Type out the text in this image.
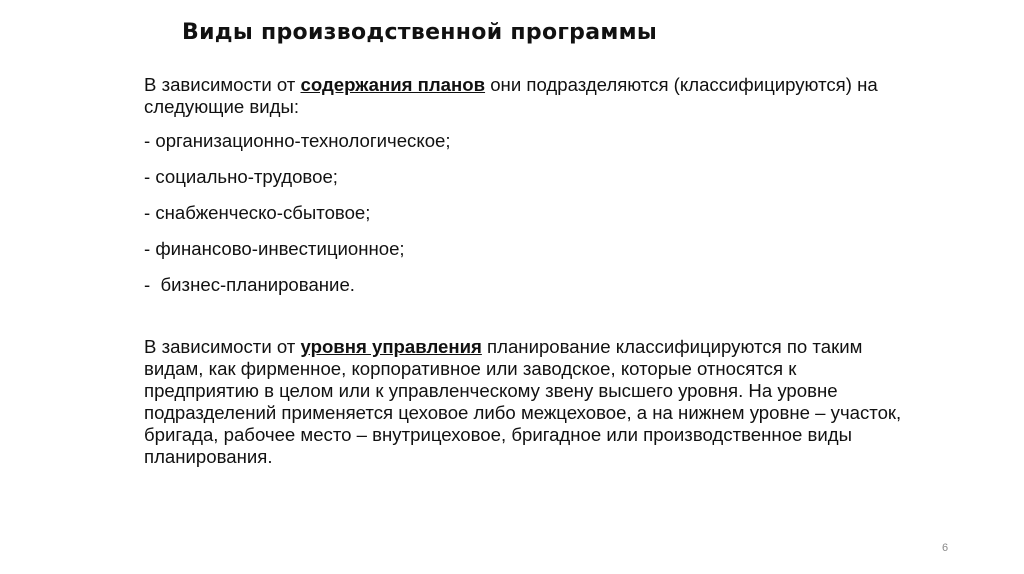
Виды производственной программы

В зависимости от содержания планов они подразделяются (классифицируются) на следующие виды:

- организационно-технологическое;

- социально-трудовое;

- снабженческо-сбытовое;

- финансово-инвестиционное;

-  бизнес-планирование.

В зависимости от уровня управления планирование классифицируются по таким видам, как фирменное, корпоративное или заводское, которые относятся к предприятию в целом или к управленческому звену высшего уровня. На уровне подразделений применяется цеховое либо межцеховое, а на нижнем уровне – участок, бригада, рабочее место – внутрицеховое, бригадное или производственное виды планирования.

6
